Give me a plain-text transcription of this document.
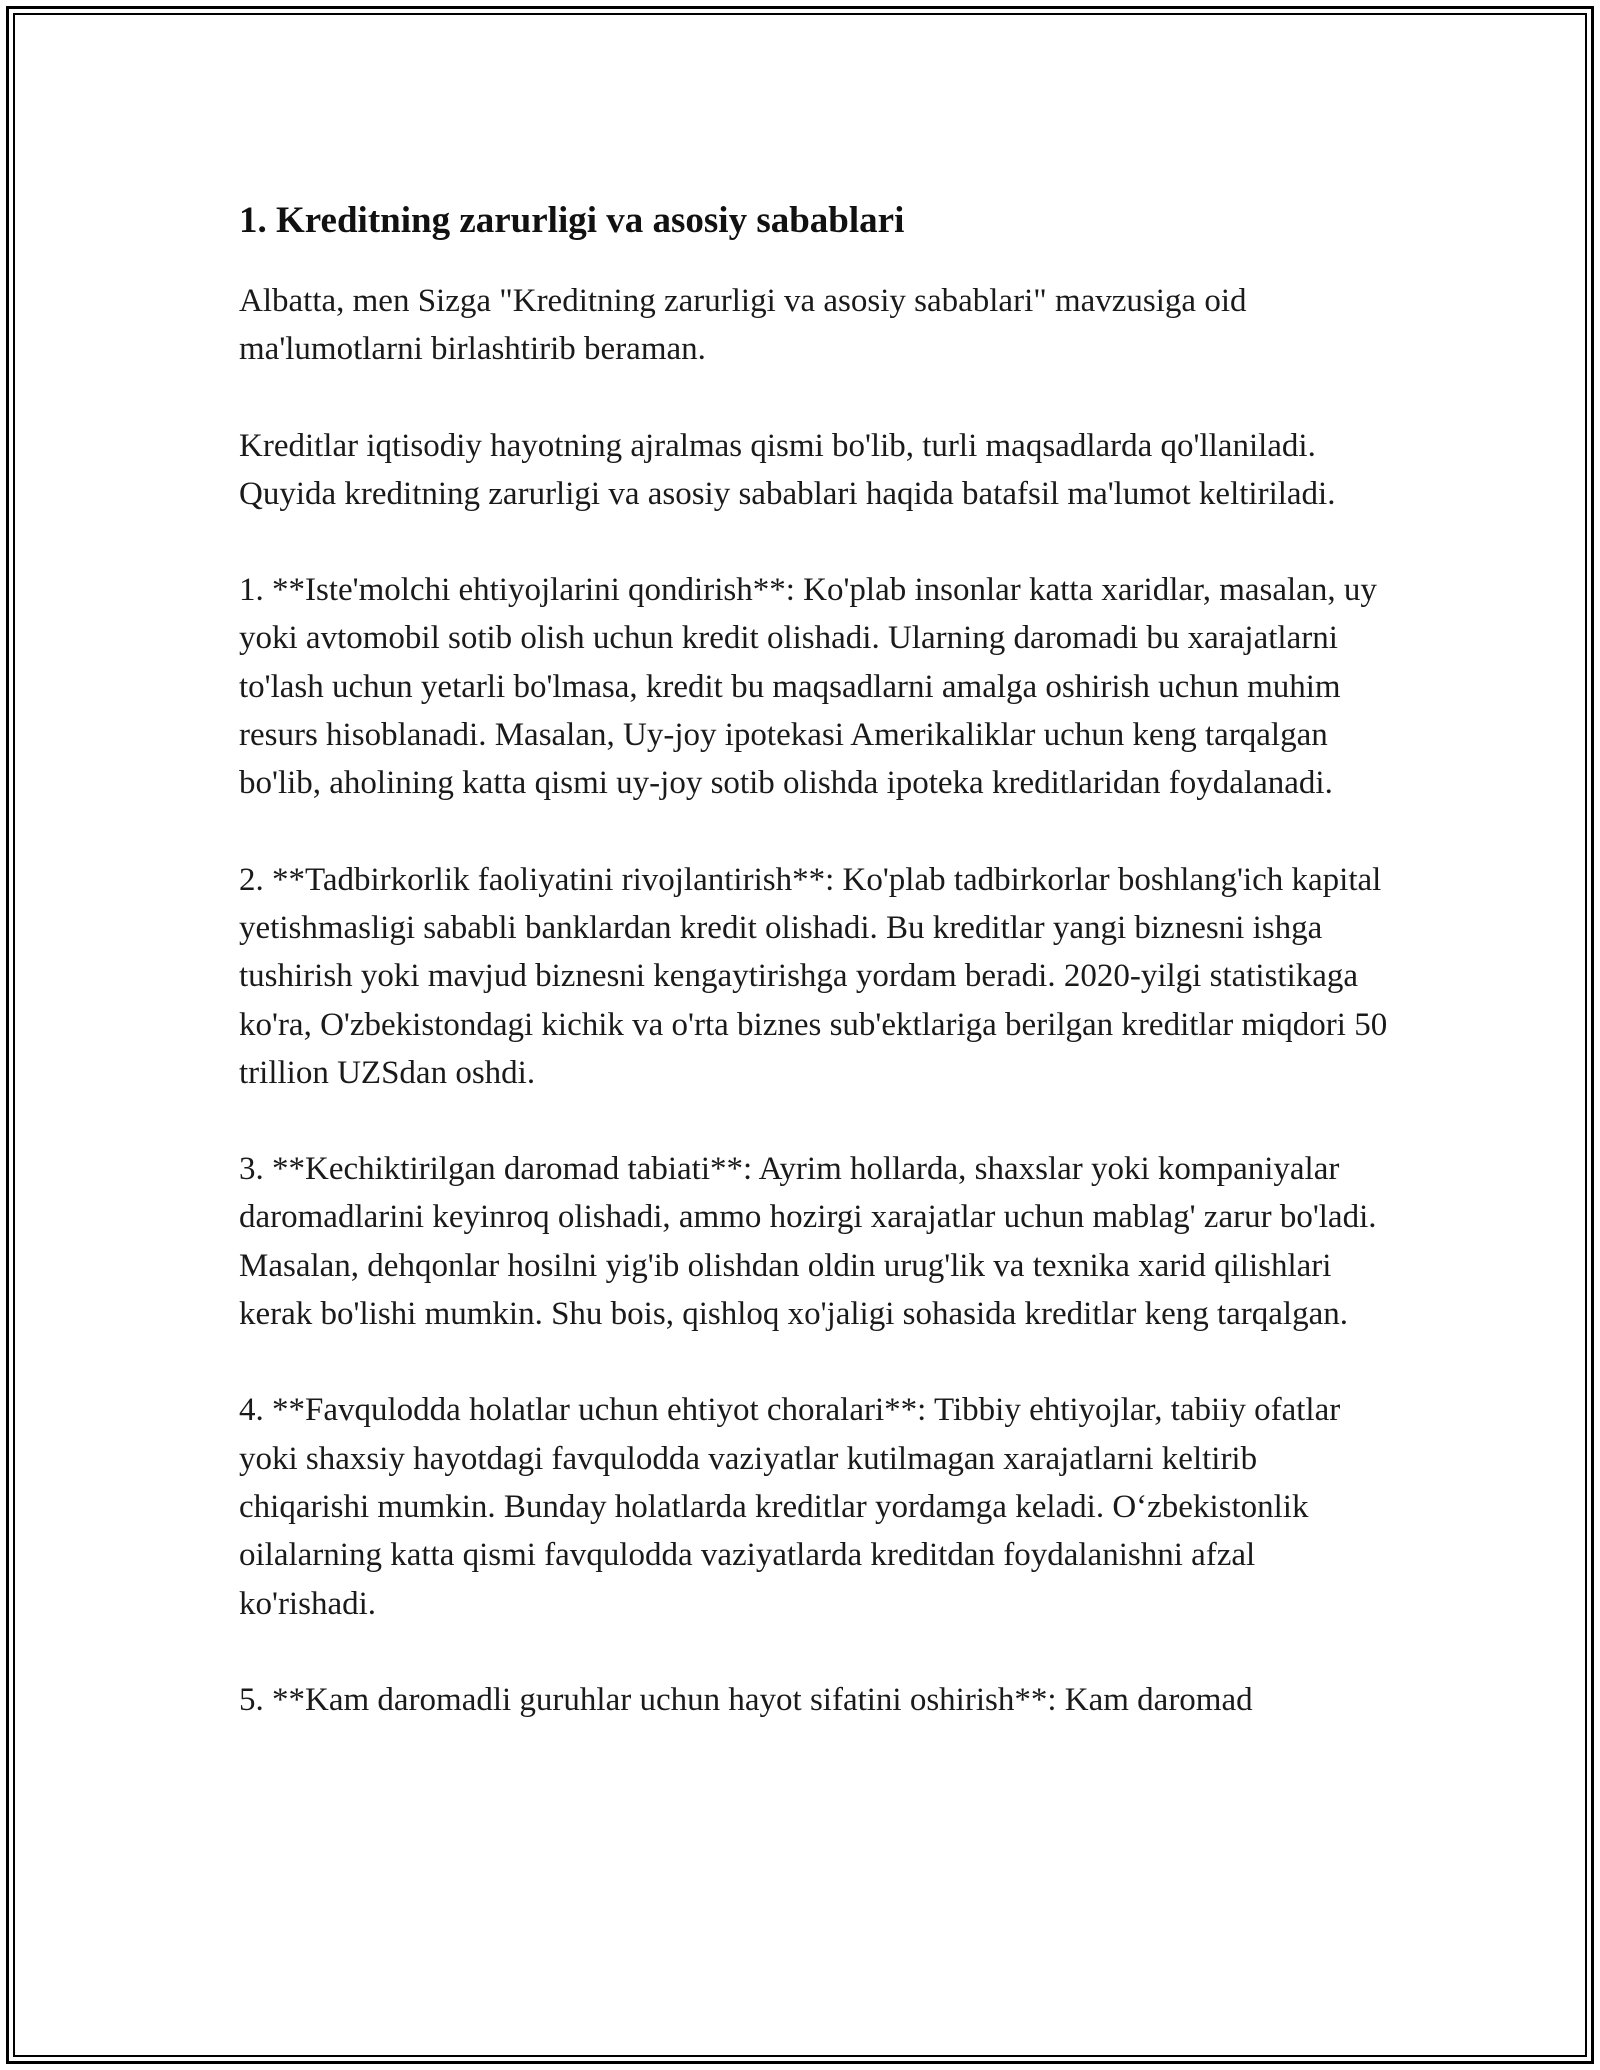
1. Kreditning zarurligi va asosiy sabablari

Albatta, men Sizga "Kreditning zarurligi va asosiy sabablari" mavzusiga oid ma'lumotlarni birlashtirib beraman.

Kreditlar iqtisodiy hayotning ajralmas qismi bo'lib, turli maqsadlarda qo'llaniladi. Quyida kreditning zarurligi va asosiy sabablari haqida batafsil ma'lumot keltiriladi.

1. **Iste'molchi ehtiyojlarini qondirish**: Ko'plab insonlar katta xaridlar, masalan, uy yoki avtomobil sotib olish uchun kredit olishadi. Ularning daromadi bu xarajatlarni to'lash uchun yetarli bo'lmasa, kredit bu maqsadlarni amalga oshirish uchun muhim resurs hisoblanadi. Masalan, Uy-joy ipotekasi Amerikaliklar uchun keng tarqalgan bo'lib, aholining katta qismi uy-joy sotib olishda ipoteka kreditlaridan foydalanadi.

2. **Tadbirkorlik faoliyatini rivojlantirish**: Ko'plab tadbirkorlar boshlang'ich kapital yetishmasligi sababli banklardan kredit olishadi. Bu kreditlar yangi biznesni ishga tushirish yoki mavjud biznesni kengaytirishga yordam beradi. 2020-yilgi statistikaga ko'ra, O'zbekistondagi kichik va o'rta biznes sub'ektlariga berilgan kreditlar miqdori 50 trillion UZSdan oshdi.

3. **Kechiktirilgan daromad tabiati**: Ayrim hollarda, shaxslar yoki kompaniyalar daromadlarini keyinroq olishadi, ammo hozirgi xarajatlar uchun mablag' zarur bo'ladi. Masalan, dehqonlar hosilni yig'ib olishdan oldin urug'lik va texnika xarid qilishlari kerak bo'lishi mumkin. Shu bois, qishloq xo'jaligi sohasida kreditlar keng tarqalgan.

4. **Favqulodda holatlar uchun ehtiyot choralari**: Tibbiy ehtiyojlar, tabiiy ofatlar yoki shaxsiy hayotdagi favqulodda vaziyatlar kutilmagan xarajatlarni keltirib chiqarishi mumkin. Bunday holatlarda kreditlar yordamga keladi. O‘zbekistonlik oilalarning katta qismi favqulodda vaziyatlarda kreditdan foydalanishni afzal ko'rishadi.

5. **Kam daromadli guruhlar uchun hayot sifatini oshirish**: Kam daromad
